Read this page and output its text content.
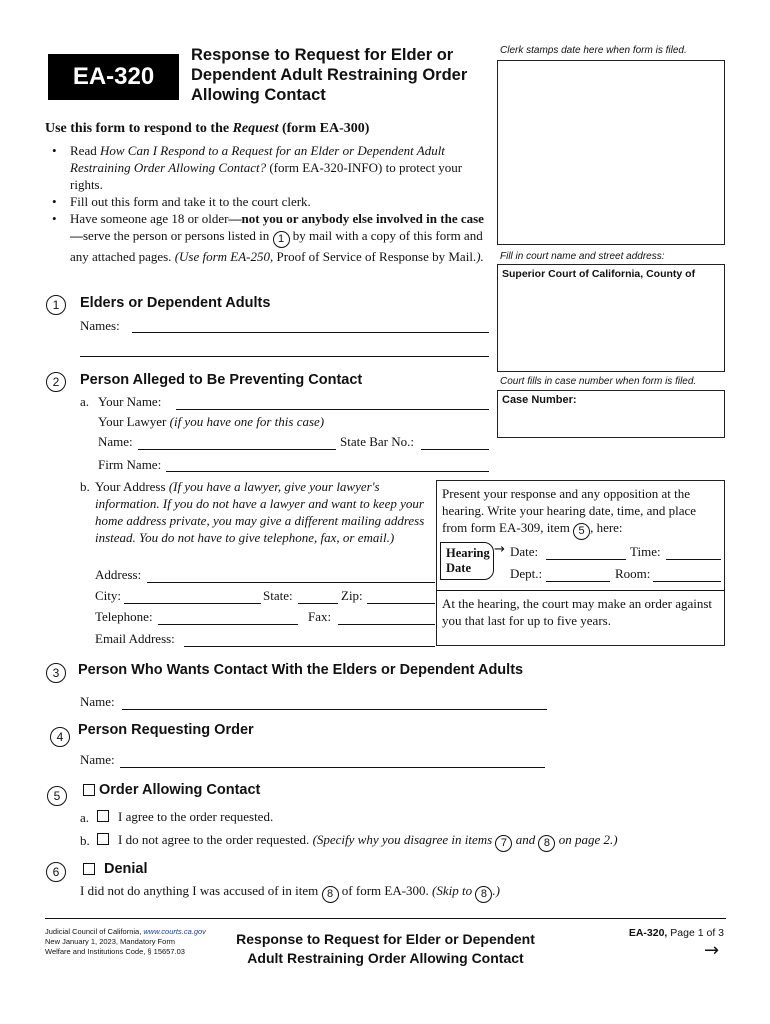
EA-320
Response to Request for Elder or
Dependent Adult Restraining Order
Allowing Contact
Clerk stamps date here when form is filed.
Fill in court name and street address:
Superior Court of California, County of
Court fills in case number when form is filed.
Case Number:
Use this form to respond to the Request (form EA-300)
• Read How Can I Respond to a Request for an Elder or Dependent Adult Restraining Order Allowing Contact? (form EA-320-INFO) to protect your rights.
• Fill out this form and take it to the court clerk.
• Have someone age 18 or older—not you or anybody else involved in the case—serve the person or persons listed in 1 by mail with a copy of this form and any attached pages. (Use form EA-250, Proof of Service of Response by Mail.).
1	Elders or Dependent Adults
Names:
2	Person Alleged to Be Preventing Contact
a. Your Name:
Your Lawyer (if you have one for this case)
Name:	State Bar No.:
Firm Name:
b. Your Address (If you have a lawyer, give your lawyer's information. If you do not have a lawyer and want to keep your home address private, you may give a different mailing address instead. You do not have to give telephone, fax, or email.)
Address:
City:	State:	Zip:
Telephone:	Fax:
Email Address:
Present your response and any opposition at the hearing. Write your hearing date, time, and place from form EA-309, item 5 , here:
Hearing
Date
→ Date:	Time:
Dept.:	Room:
At the hearing, the court may make an order against you that last for up to five years.
3	Person Who Wants Contact With the Elders or Dependent Adults
Name:
4	Person Requesting Order
Name:
5	Order Allowing Contact
a. I agree to the order requested.
b. I do not agree to the order requested. (Specify why you disagree in items 7 and 8 on page 2.)
6	Denial
I did not do anything I was accused of in item 8 of form EA-300. (Skip to 8 .)
Judicial Council of California, www.courts.ca.gov
New January 1, 2023, Mandatory Form
Welfare and Institutions Code, § 15657.03
Response to Request for Elder or Dependent
Adult Restraining Order Allowing Contact
EA-320, Page 1 of 3
→
